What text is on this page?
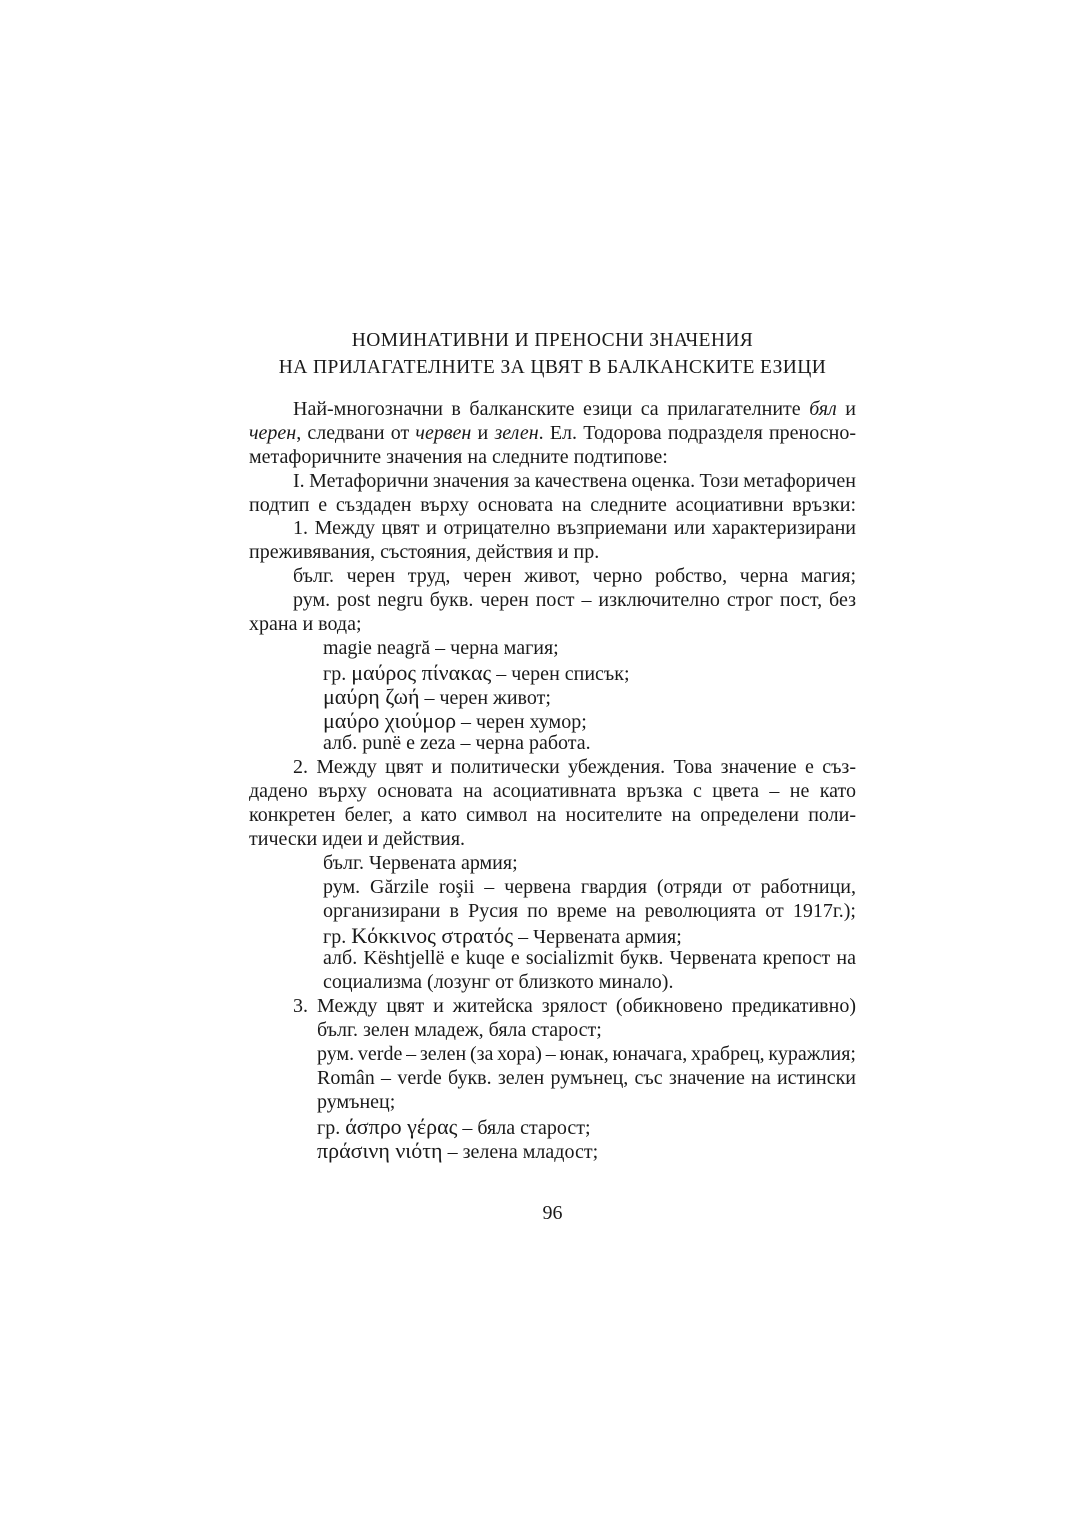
НОМИНАТИВНИ И ПРЕНОСНИ ЗНАЧЕНИЯ
НА ПРИЛАГАТЕЛНИТЕ ЗА ЦВЯТ В БАЛКАНСКИТЕ ЕЗИЦИ
Най-многозначни в балканските езици са прилагателните бял и
черен, следвани от червен и зелен. Ел. Тодорова подразделя преносно-
метафоричните значения на следните подтипове:
I. Метафорични значения за качествена оценка. Този метафоричен
подтип е създаден върху основата на следните асоциативни връзки:
1. Между цвят и отрицателно възприемани или характеризирани
преживявания, състояния, действия и пр.
бълг. черен труд, черен живот, черно робство, черна магия;
рум. post negru букв. черен пост – изключително строг пост, без
храна и вода;
magie neagră – черна магия;
гр. μαύρος πίνακας – черен списък;
μαύρη ζωή – черен живот;
μαύρο χιούμορ – черен хумор;
алб. punë e zeza – черна работа.
2. Между цвят и политически убеждения. Това значение е съз-
дадено върху основата на асоциативната връзка с цвета – не като
конкретен белег, а като символ на носителите на определени поли-
тически идеи и действия.
бълг. Червената армия;
рум. Gărzile roşii – червена гвардия (отряди от работници,
организирани в Русия по време на революцията от 1917г.);
гр. Κόκκινος στρατός – Червената армия;
алб. Kështjellë e kuqe e socializmit букв. Червената крепост на
социализма (лозунг от близкото минало).
3. Между цвят и житейска зрялост (обикновено предикативно)
бълг. зелен младеж, бяла старост;
рум. verde – зелен (за хора) – юнак, юначага, храбрец, куражлия;
Român – verde букв. зелен румънец, със значение на истински
румънец;
гр. άσπρο γέρας – бяла старост;
πράσινη νιότη – зелена младост;
96
